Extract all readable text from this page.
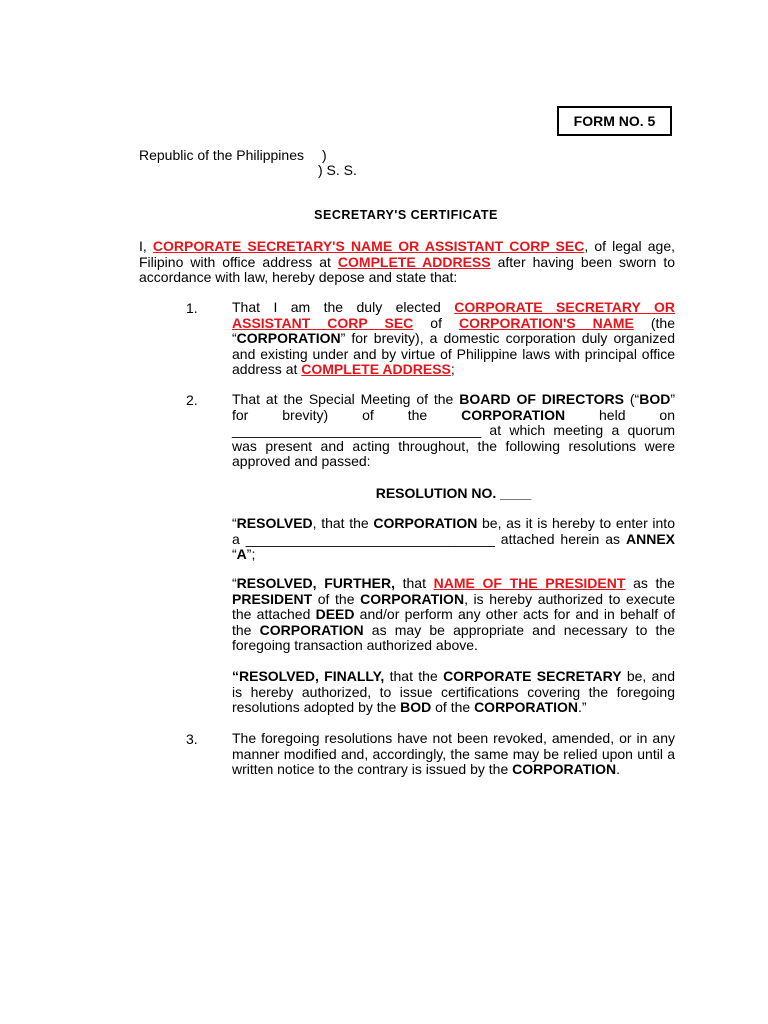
FORM NO. 5
Republic of the Philippines )
) S. S.
SECRETARY'S CERTIFICATE
I, CORPORATE SECRETARY'S NAME OR ASSISTANT CORP SEC, of legal age, Filipino with office address at COMPLETE ADDRESS after having been sworn to accordance with law, hereby depose and state that:
1. That I am the duly elected CORPORATE SECRETARY OR ASSISTANT CORP SEC of CORPORATION'S NAME (the “CORPORATION” for brevity), a domestic corporation duly organized and existing under and by virtue of Philippine laws with principal office address at COMPLETE ADDRESS;
2. That at the Special Meeting of the BOARD OF DIRECTORS (“BOD” for brevity) of the CORPORATION held on ________________________________ at which meeting a quorum was present and acting throughout, the following resolutions were approved and passed:
RESOLUTION NO. ____
“RESOLVED, that the CORPORATION be, as it is hereby to enter into a ________________________________ attached herein as ANNEX “A”;
“RESOLVED, FURTHER, that NAME OF THE PRESIDENT as the PRESIDENT of the CORPORATION, is hereby authorized to execute the attached DEED and/or perform any other acts for and in behalf of the CORPORATION as may be appropriate and necessary to the foregoing transaction authorized above.
“RESOLVED, FINALLY, that the CORPORATE SECRETARY be, and is hereby authorized, to issue certifications covering the foregoing resolutions adopted by the BOD of the CORPORATION.”
3. The foregoing resolutions have not been revoked, amended, or in any manner modified and, accordingly, the same may be relied upon until a written notice to the contrary is issued by the CORPORATION.
